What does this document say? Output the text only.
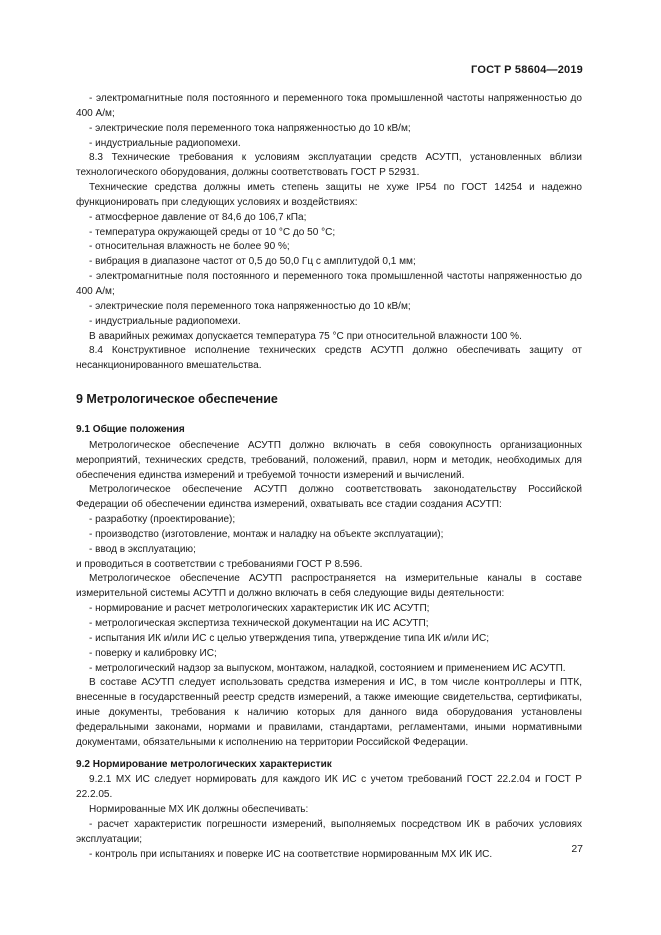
ГОСТ Р 58604—2019

- электромагнитные поля постоянного и переменного тока промышленной частоты напряженностью до 400 А/м;

- электрические поля переменного тока напряженностью до 10 кВ/м;

- индустриальные радиопомехи.

8.3 Технические требования к условиям эксплуатации средств АСУТП, установленных вблизи технологического оборудования, должны соответствовать ГОСТ Р 52931.

Технические средства должны иметь степень защиты не хуже IP54 по ГОСТ 14254 и надежно функционировать при следующих условиях и воздействиях:

- атмосферное давление от 84,6 до 106,7 кПа;

- температура окружающей среды от 10 °С до 50 °С;

- относительная влажность не более 90 %;

- вибрация в диапазоне частот от 0,5 до 50,0 Гц с амплитудой 0,1 мм;

- электромагнитные поля постоянного и переменного тока промышленной частоты напряженностью до 400 А/м;

- электрические поля переменного тока напряженностью до 10 кВ/м;

- индустриальные радиопомехи.

В аварийных режимах допускается температура 75 °С при относительной влажности 100 %.

8.4 Конструктивное исполнение технических средств АСУТП должно обеспечивать защиту от несанкционированного вмешательства.

9 Метрологическое обеспечение
9.1 Общие положения

Метрологическое обеспечение АСУТП должно включать в себя совокупность организационных мероприятий, технических средств, требований, положений, правил, норм и методик, необходимых для обеспечения единства измерений и требуемой точности измерений и вычислений.

Метрологическое обеспечение АСУТП должно соответствовать законодательству Российской Федерации об обеспечении единства измерений, охватывать все стадии создания АСУТП:

- разработку (проектирование);

- производство (изготовление, монтаж и наладку на объекте эксплуатации);

- ввод в эксплуатацию;

и проводиться в соответствии с требованиями ГОСТ Р 8.596.

Метрологическое обеспечение АСУТП распространяется на измерительные каналы в составе измерительной системы АСУТП и должно включать в себя следующие виды деятельности:

- нормирование и расчет метрологических характеристик ИК ИС АСУТП;

- метрологическая экспертиза технической документации на ИС АСУТП;

- испытания ИК и/или ИС с целью утверждения типа, утверждение типа ИК и/или ИС;

- поверку и калибровку ИС;

- метрологический надзор за выпуском, монтажом, наладкой, состоянием и применением ИС АСУТП.

В составе АСУТП следует использовать средства измерения и ИС, в том числе контроллеры и ПТК, внесенные в государственный реестр средств измерений, а также имеющие свидетельства, сертификаты, иные документы, требования к наличию которых для данного вида оборудования установлены федеральными законами, нормами и правилами, стандартами, регламентами, иными нормативными документами, обязательными к исполнению на территории Российской Федерации.

9.2 Нормирование метрологических характеристик

9.2.1 МХ ИС следует нормировать для каждого ИК ИС с учетом требований ГОСТ 22.2.04 и ГОСТ Р 22.2.05.

Нормированные МХ ИК должны обеспечивать:

- расчет характеристик погрешности измерений, выполняемых посредством ИК в рабочих условиях эксплуатации;

- контроль при испытаниях и поверке ИС на соответствие нормированным МХ ИК ИС.	27
